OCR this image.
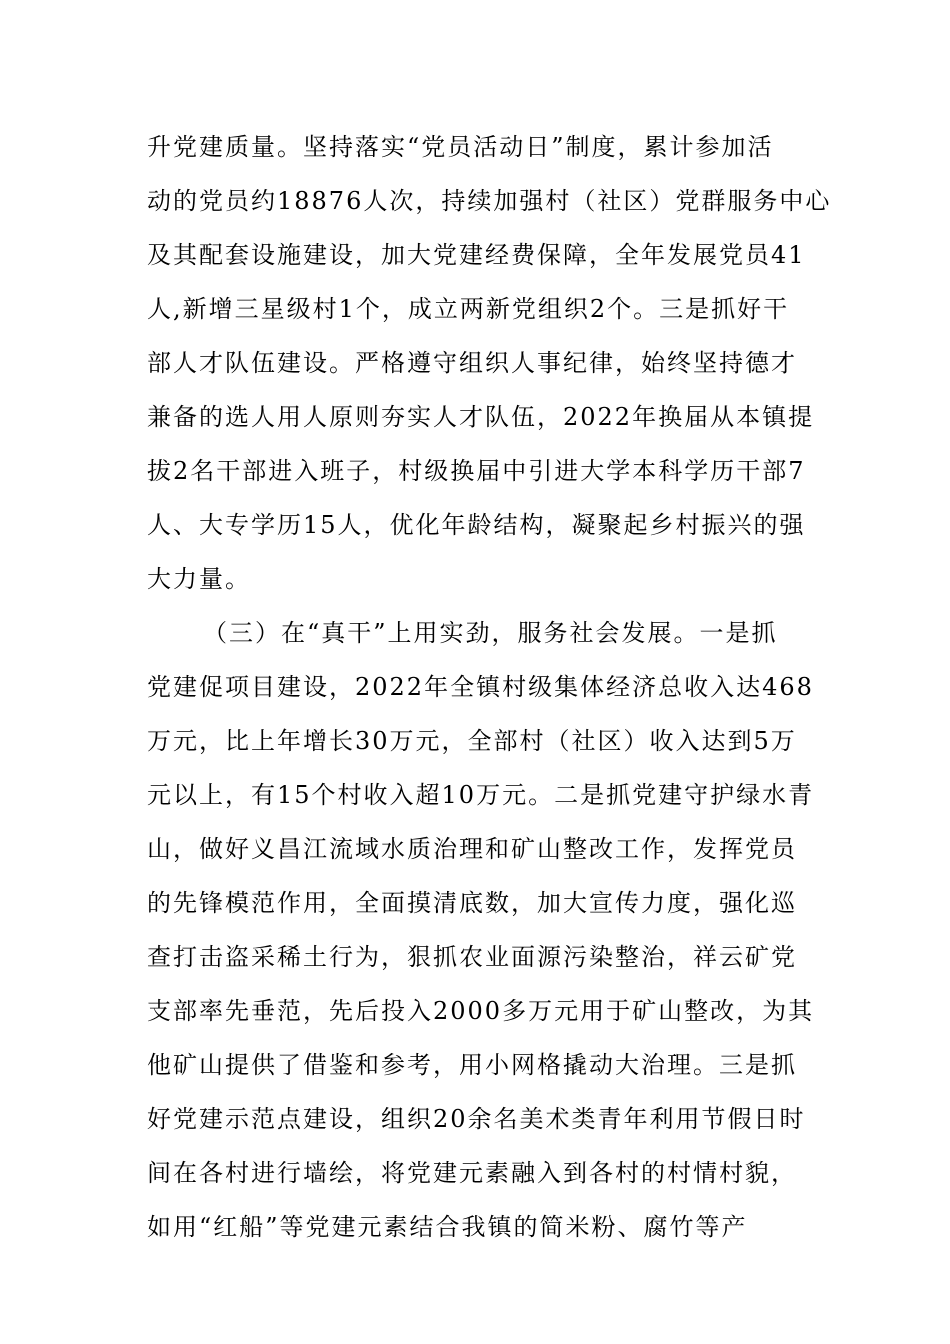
升党建质量。坚持落实“党员活动日”制度，累计参加活
动的党员约18876人次，持续加强村（社区）党群服务中心
及其配套设施建设，加大党建经费保障，全年发展党员41
人,新增三星级村1个，成立两新党组织2个。三是抓好干
部人才队伍建设。严格遵守组织人事纪律，始终坚持德才
兼备的选人用人原则夯实人才队伍，2022年换届从本镇提
拔2名干部进入班子，村级换届中引进大学本科学历干部7
人、大专学历15人，优化年龄结构，凝聚起乡村振兴的强
大力量。
（三）在“真干”上用实劲，服务社会发展。一是抓
党建促项目建设，2022年全镇村级集体经济总收入达468
万元，比上年增长30万元，全部村（社区）收入达到5万
元以上，有15个村收入超10万元。二是抓党建守护绿水青
山，做好义昌江流域水质治理和矿山整改工作，发挥党员
的先锋模范作用，全面摸清底数，加大宣传力度，强化巡
查打击盗采稀土行为，狠抓农业面源污染整治，祥云矿党
支部率先垂范，先后投入2000多万元用于矿山整改，为其
他矿山提供了借鉴和参考，用小网格撬动大治理。三是抓
好党建示范点建设，组织20余名美术类青年利用节假日时
间在各村进行墙绘，将党建元素融入到各村的村情村貌，
如用“红船”等党建元素结合我镇的简米粉、腐竹等产
